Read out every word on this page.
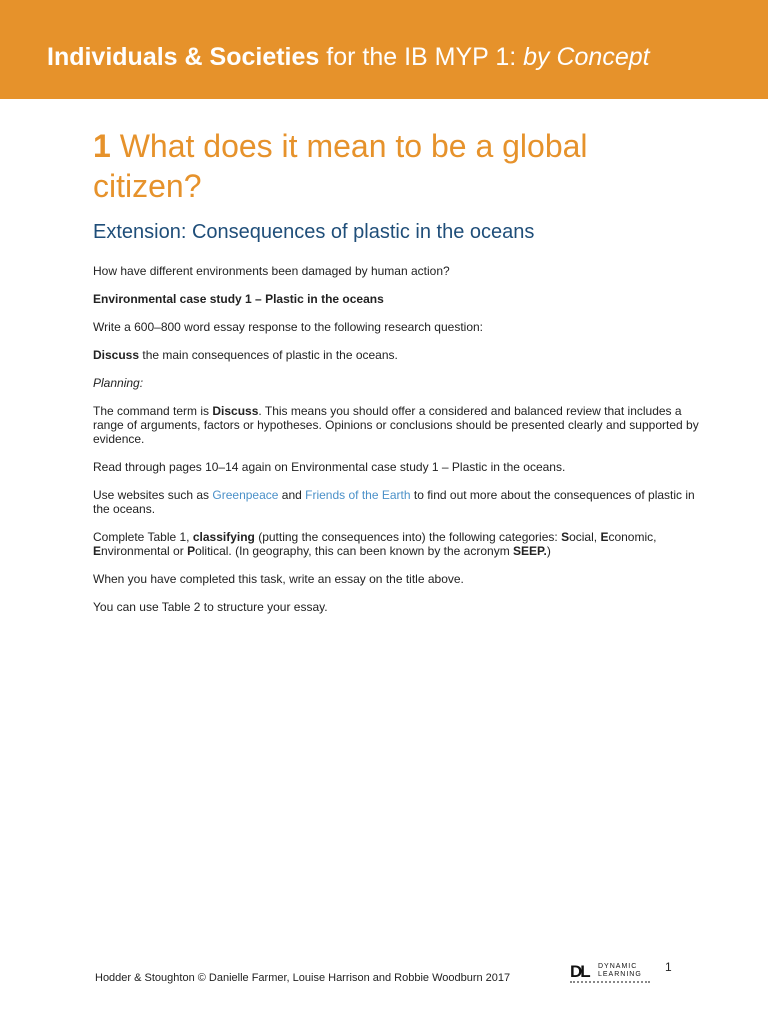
Individuals & Societies for the IB MYP 1: by Concept
1 What does it mean to be a global citizen?
Extension: Consequences of plastic in the oceans

How have different environments been damaged by human action?

Environmental case study 1 – Plastic in the oceans

Write a 600–800 word essay response to the following research question:

Discuss the main consequences of plastic in the oceans.

Planning:

The command term is Discuss. This means you should offer a considered and balanced review that includes a range of arguments, factors or hypotheses. Opinions or conclusions should be presented clearly and supported by evidence.

Read through pages 10–14 again on Environmental case study 1 – Plastic in the oceans.

Use websites such as Greenpeace and Friends of the Earth to find out more about the consequences of plastic in the oceans.

Complete Table 1, classifying (putting the consequences into) the following categories: Social, Economic, Environmental or Political. (In geography, this can been known by the acronym SEEP.)

When you have completed this task, write an essay on the title above.

You can use Table 2 to structure your essay.

Hodder & Stoughton © Danielle Farmer, Louise Harrison and Robbie Woodburn 2017	DL DYNAMIC
LEARNING
1
